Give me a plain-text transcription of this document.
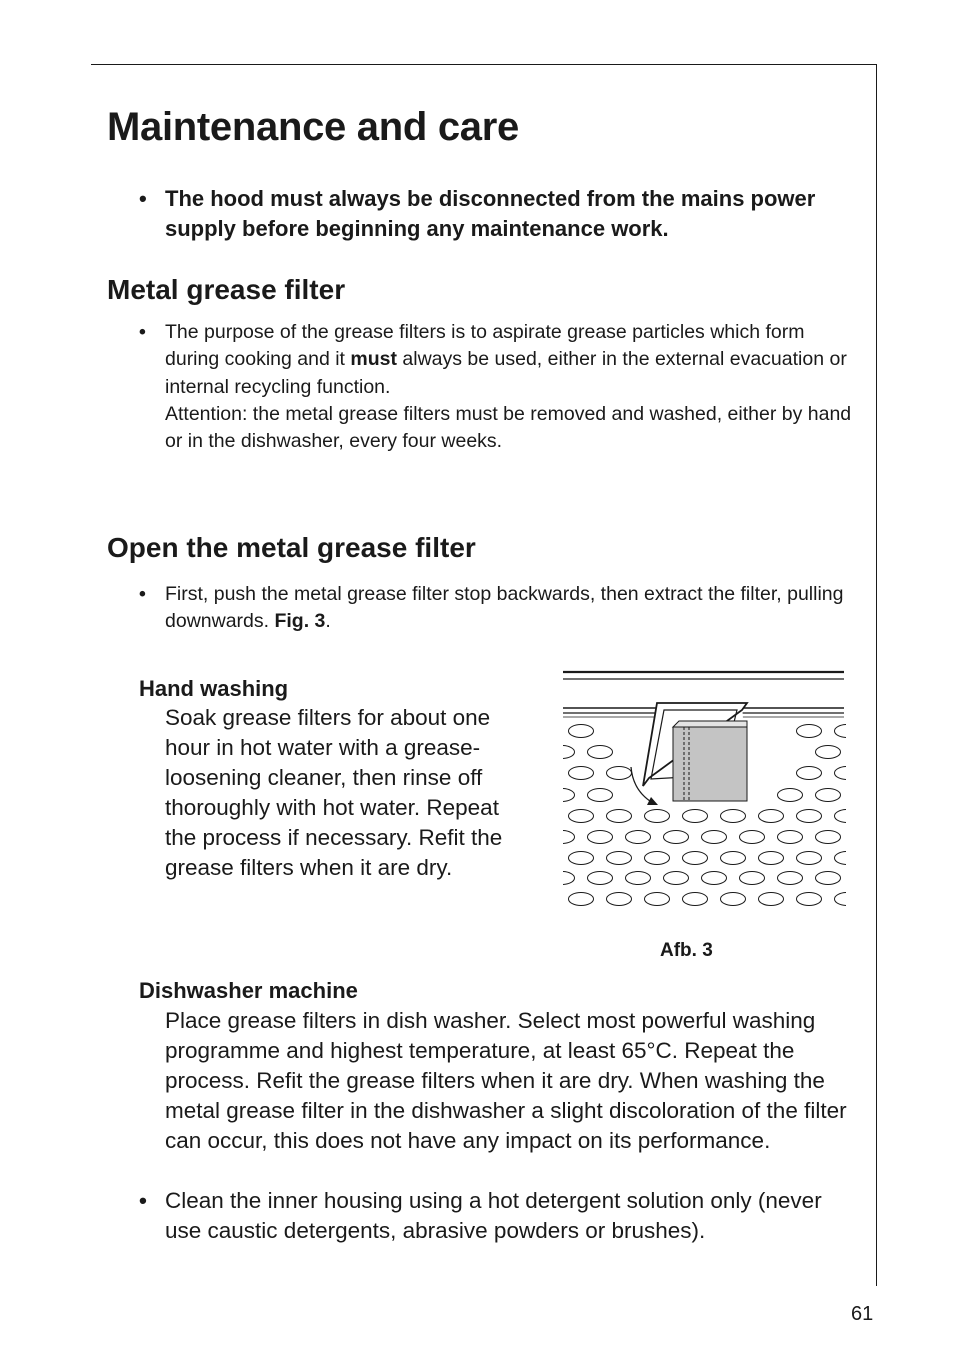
Maintenance and care
• The hood must always be disconnected from the mains power supply before beginning any maintenance work.

Metal grease filter
• The purpose of the grease filters is to aspirate grease particles which form during cooking and it must always be used, either in the external evacuation or internal recycling function.
Attention: the metal grease filters must be removed and washed, either by hand or in the dishwasher, every four weeks.

Open the metal grease filter
• First, push the metal grease filter stop backwards, then extract the filter, pulling downwards. Fig. 3.

Hand washing

Soak grease filters for about one hour in hot water with a grease-loosening cleaner, then rinse off thoroughly with hot water. Repeat the process if necessary. Refit the grease filters when it are dry.

Afb. 3

Dishwasher machine

Place grease filters in dish washer. Select most powerful washing programme and highest temperature, at least 65°C. Repeat the process. Refit the grease filters when it are dry. When washing the metal grease filter in the dishwasher a slight discoloration of the filter can occur, this does not have any impact on its performance.

• Clean the inner housing using a hot detergent solution only (never use caustic detergents, abrasive powders or brushes).

61
